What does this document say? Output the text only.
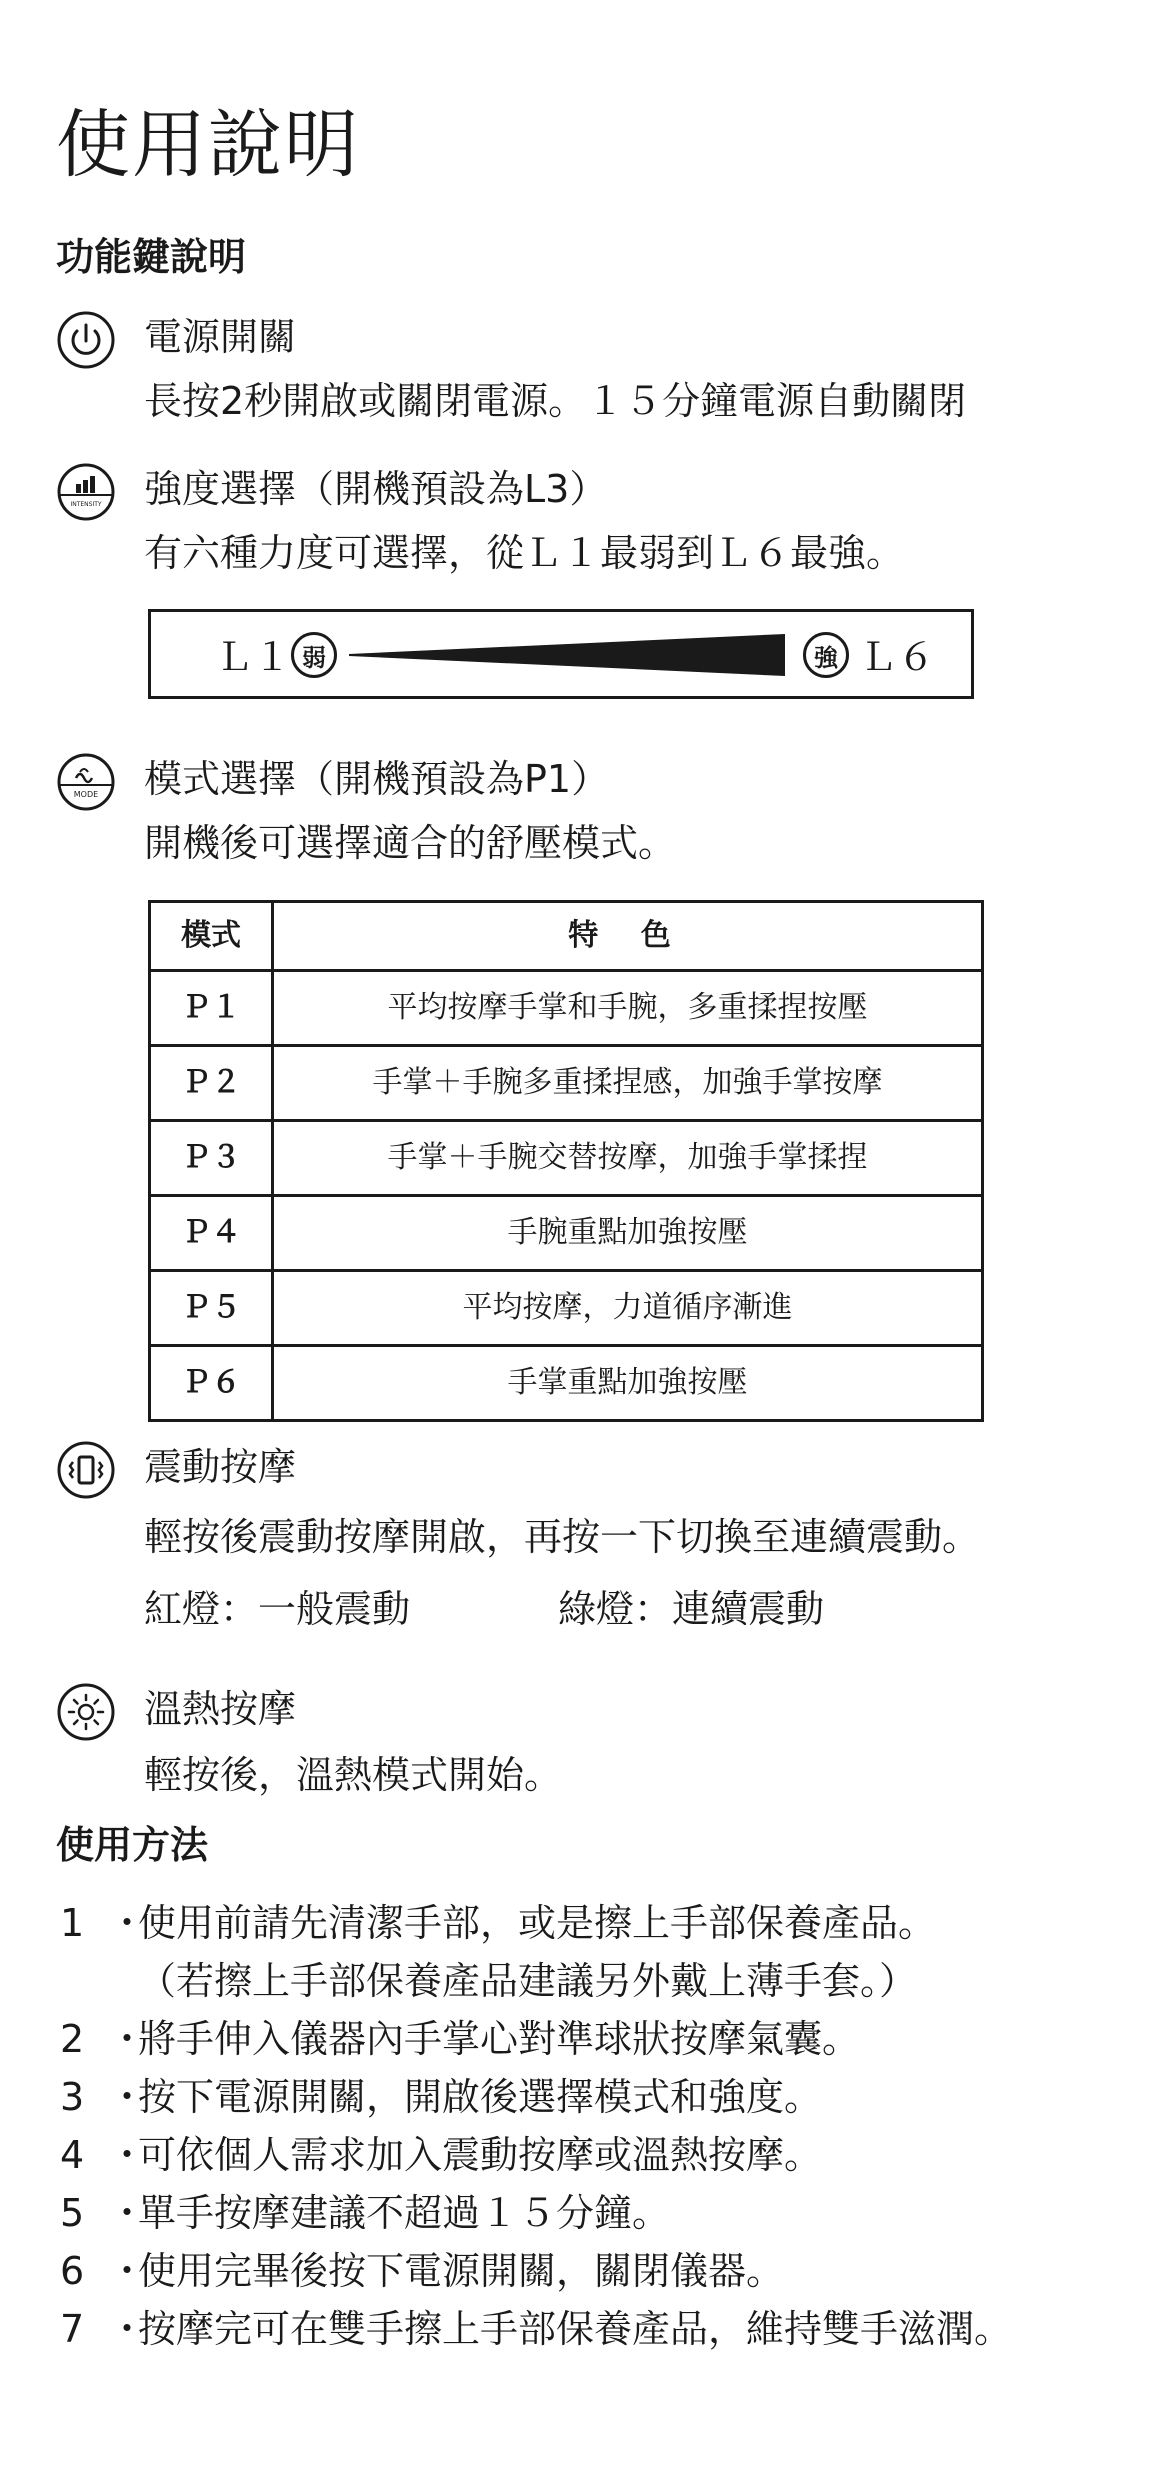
使用說明
功能鍵說明
電源開關
長按2秒開啟或關閉電源。１５分鐘電源自動關閉
INTENSITY 強度選擇（開機預設為L3）
有六種力度可選擇，從Ｌ１最弱到Ｌ６最強。
Ｌ１ 弱	強 Ｌ６
MODE 模式選擇（開機預設為P1）
開機後可選擇適合的舒壓模式。
模式	特 色
Ｐ１	平均按摩手掌和手腕，多重揉捏按壓
Ｐ２	手掌＋手腕多重揉捏感，加強手掌按摩
Ｐ３	手掌＋手腕交替按摩，加強手掌揉捏
Ｐ４	手腕重點加強按壓
Ｐ５	平均按摩，力道循序漸進
Ｐ６	手掌重點加強按壓
震動按摩
輕按後震動按摩開啟，再按一下切換至連續震動。
紅燈：一般震動	綠燈：連續震動
溫熱按摩
輕按後，溫熱模式開始。
使用方法
1 ・
使用前請先清潔手部，或是擦上手部保養產品。
（若擦上手部保養產品建議另外戴上薄手套。）
2 ・
將手伸入儀器內手掌心對準球狀按摩氣囊。
3 ・
按下電源開關，開啟後選擇模式和強度。
4 ・
可依個人需求加入震動按摩或溫熱按摩。
5 ・
單手按摩建議不超過１５分鐘。
6 ・
使用完畢後按下電源開關，關閉儀器。
7 ・
按摩完可在雙手擦上手部保養產品，維持雙手滋潤。
